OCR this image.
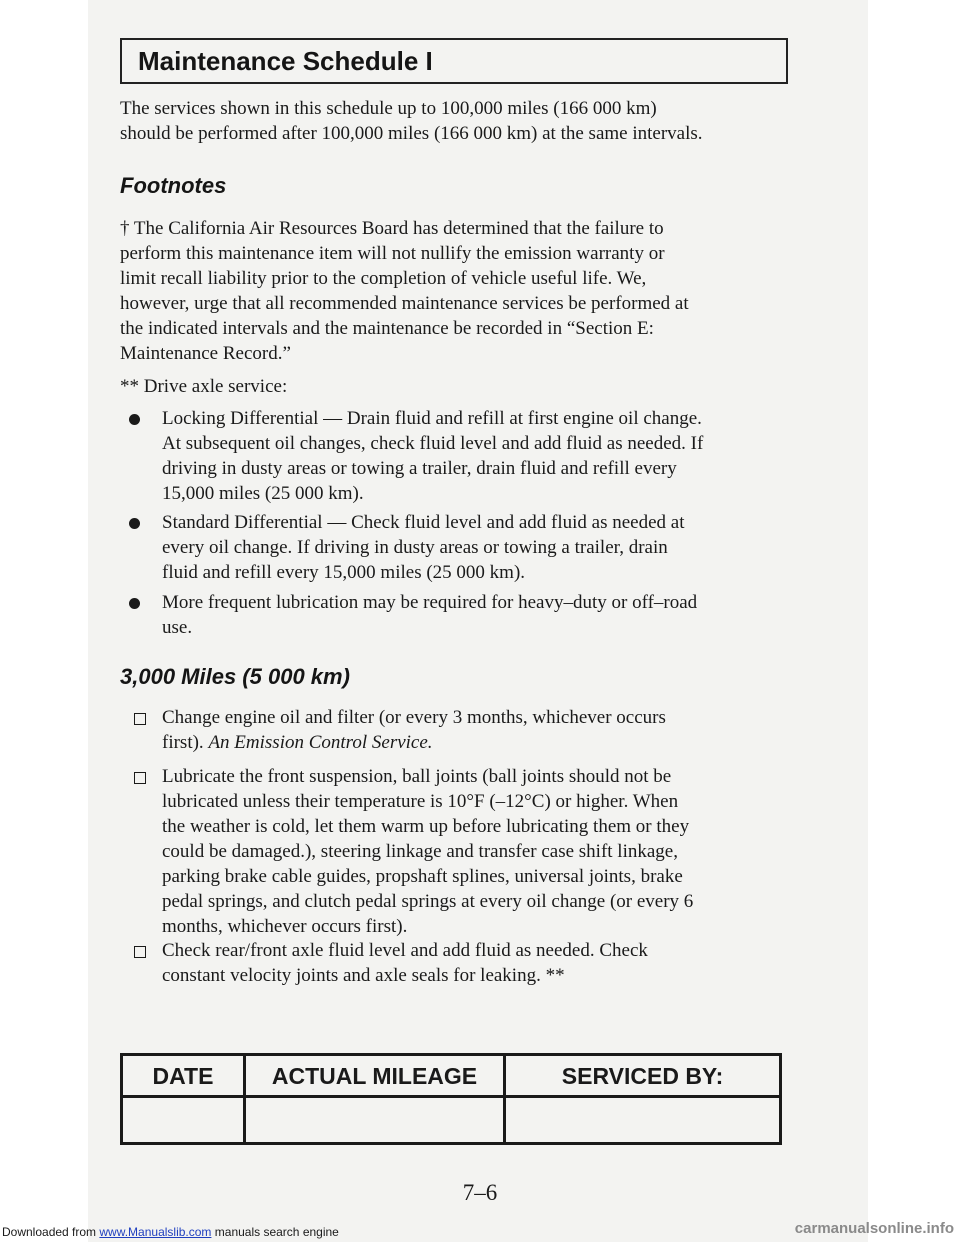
Maintenance Schedule I

The services shown in this schedule up to 100,000 miles (166 000 km)

should be performed after 100,000 miles (166 000 km) at the same intervals.

Footnotes

† The California Air Resources Board has determined that the failure to

perform this maintenance item will not nullify the emission warranty or

limit recall liability prior to the completion of vehicle useful life. We,

however, urge that all recommended maintenance services be performed at

the indicated intervals and the maintenance be recorded in “Section E:

Maintenance Record.”

** Drive axle service:

Locking Differential — Drain fluid and refill at first engine oil change.
At subsequent oil changes, check fluid level and add fluid as needed. If
driving in dusty areas or towing a trailer, drain fluid and refill every
15,000 miles (25 000 km).
Standard Differential — Check fluid level and add fluid as needed at
every oil change. If driving in dusty areas or towing a trailer, drain
fluid and refill every 15,000 miles (25 000 km).
More frequent lubrication may be required for heavy–duty or off–road
use.
3,000 Miles (5 000 km)
Change engine oil and filter (or every 3 months, whichever occurs
first). An Emission Control Service.
Lubricate the front suspension, ball joints (ball joints should not be
lubricated unless their temperature is 10°F (–12°C) or higher. When
the weather is cold, let them warm up before lubricating them or they
could be damaged.), steering linkage and transfer case shift linkage,
parking brake cable guides, propshaft splines, universal joints, brake
pedal springs, and clutch pedal springs at every oil change (or every 6
months, whichever occurs first).
Check rear/front axle fluid level and add fluid as needed. Check
constant velocity joints and axle seals for leaking. **
DATE	ACTUAL MILEAGE	SERVICED BY:
7–6
Downloaded from www.Manualslib.com manuals search engine	carmanualsonline.info
